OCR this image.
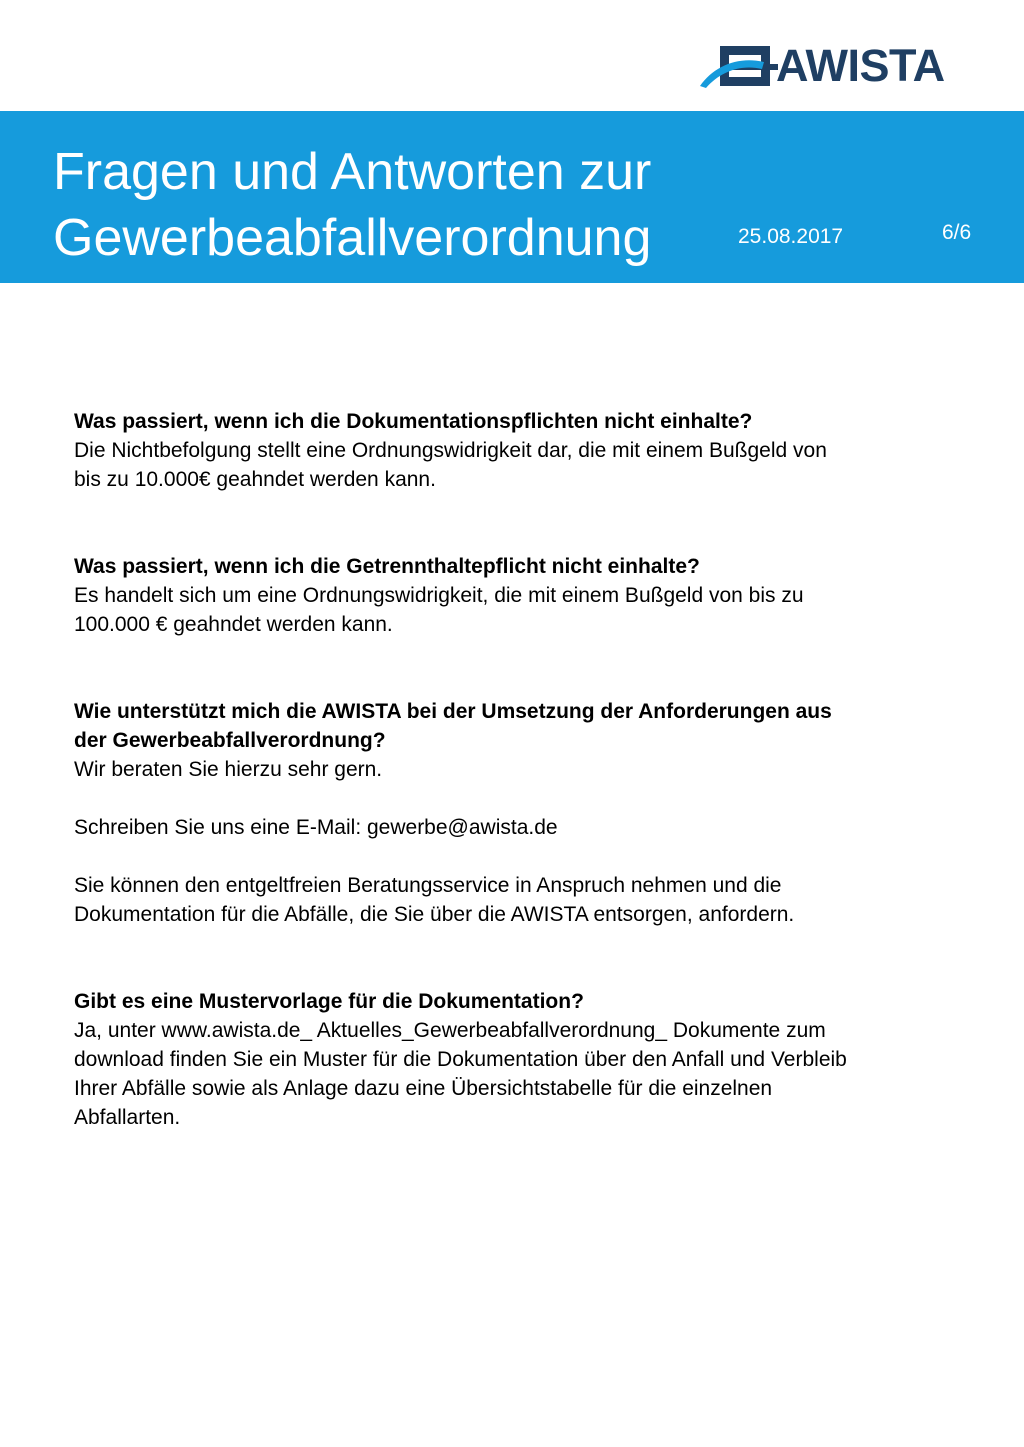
AWISTA
Fragen und Antworten zur
Gewerbeabfallverordnung	25.08.2017	6/6
Was passiert, wenn ich die Dokumentationspflichten nicht einhalte?
Die Nichtbefolgung stellt eine Ordnungswidrigkeit dar, die mit einem Bußgeld von
bis zu 10.000€ geahndet werden kann.
Was passiert, wenn ich die Getrennthaltepflicht nicht einhalte?
Es handelt sich um eine Ordnungswidrigkeit, die mit einem Bußgeld von bis zu
100.000 € geahndet werden kann.
Wie unterstützt mich die AWISTA bei der Umsetzung der Anforderungen aus
der Gewerbeabfallverordnung?
Wir beraten Sie hierzu sehr gern.
Schreiben Sie uns eine E-Mail: gewerbe@awista.de
Sie können den entgeltfreien Beratungsservice in Anspruch nehmen und die
Dokumentation für die Abfälle, die Sie über die AWISTA entsorgen, anfordern.
Gibt es eine Mustervorlage für die Dokumentation?
Ja, unter www.awista.de_ Aktuelles_Gewerbeabfallverordnung_ Dokumente zum
download finden Sie ein Muster für die Dokumentation über den Anfall und Verbleib
Ihrer Abfälle sowie als Anlage dazu eine Übersichtstabelle für die einzelnen
Abfallarten.
